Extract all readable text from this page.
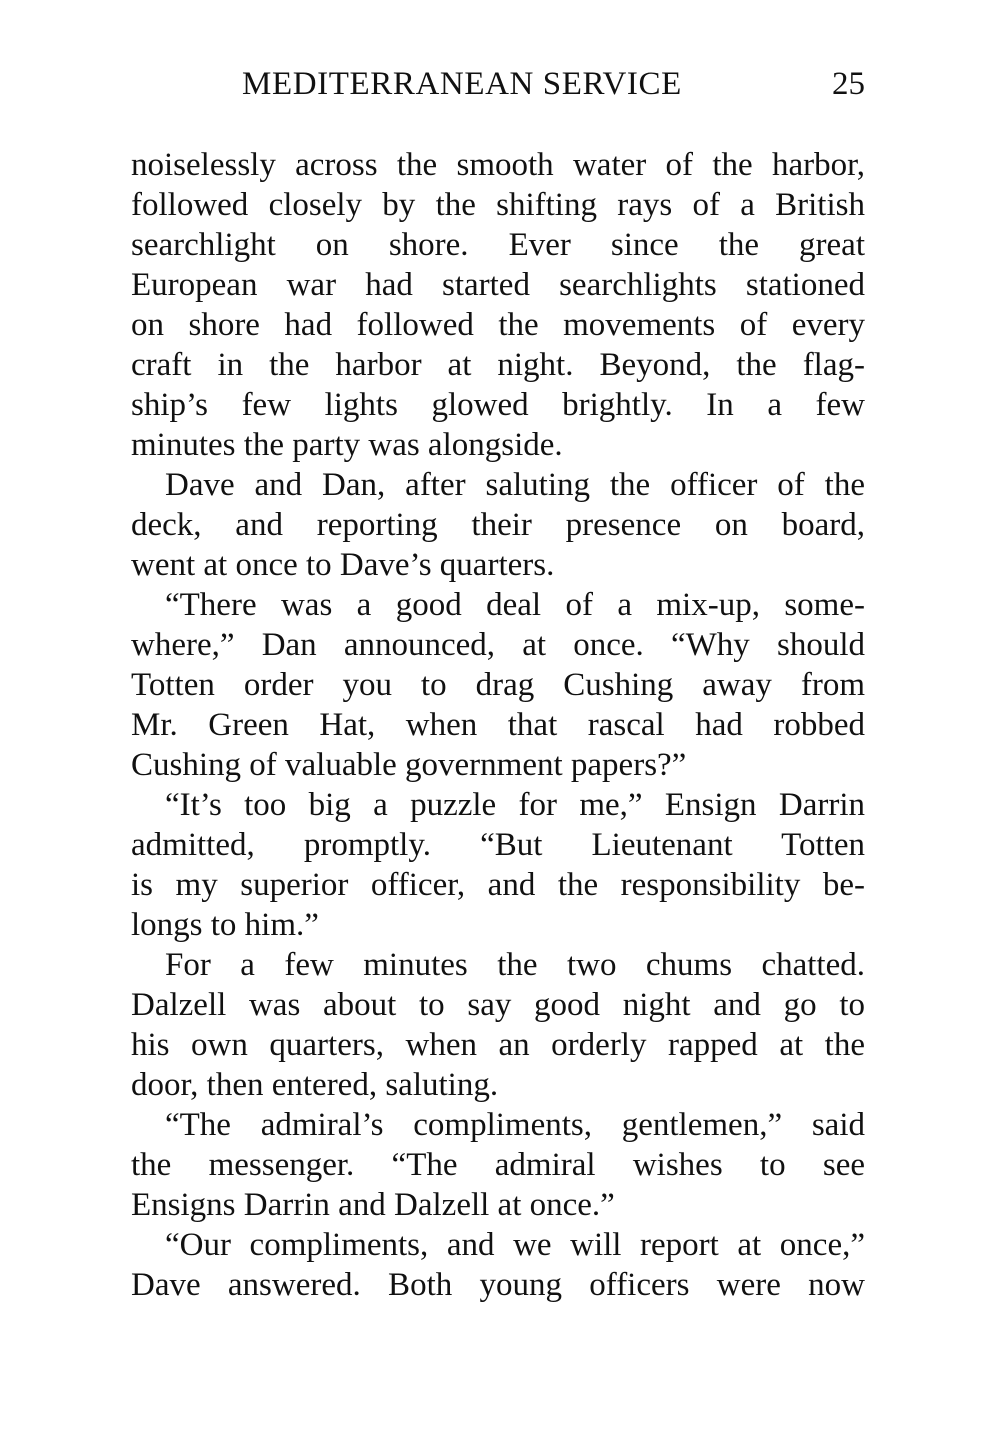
MEDITERRANEAN SERVICE	25
noiselessly across the smooth water of the harbor,
followed closely by the shifting rays of a British
searchlight on shore. Ever since the great
European war had started searchlights stationed
on shore had followed the movements of every
craft in the harbor at night. Beyond, the flag-
ship’s few lights glowed brightly. In a few
minutes the party was alongside.
Dave and Dan, after saluting the officer of the
deck, and reporting their presence on board,
went at once to Dave’s quarters.
“There was a good deal of a mix-up, some-
where,” Dan announced, at once. “Why should
Totten order you to drag Cushing away from
Mr. Green Hat, when that rascal had robbed
Cushing of valuable government papers?”
“It’s too big a puzzle for me,” Ensign Darrin
admitted, promptly. “But Lieutenant Totten
is my superior officer, and the responsibility be-
longs to him.”
For a few minutes the two chums chatted.
Dalzell was about to say good night and go to
his own quarters, when an orderly rapped at the
door, then entered, saluting.
“The admiral’s compliments, gentlemen,” said
the messenger. “The admiral wishes to see
Ensigns Darrin and Dalzell at once.”
“Our compliments, and we will report at once,”
Dave answered. Both young officers were now
